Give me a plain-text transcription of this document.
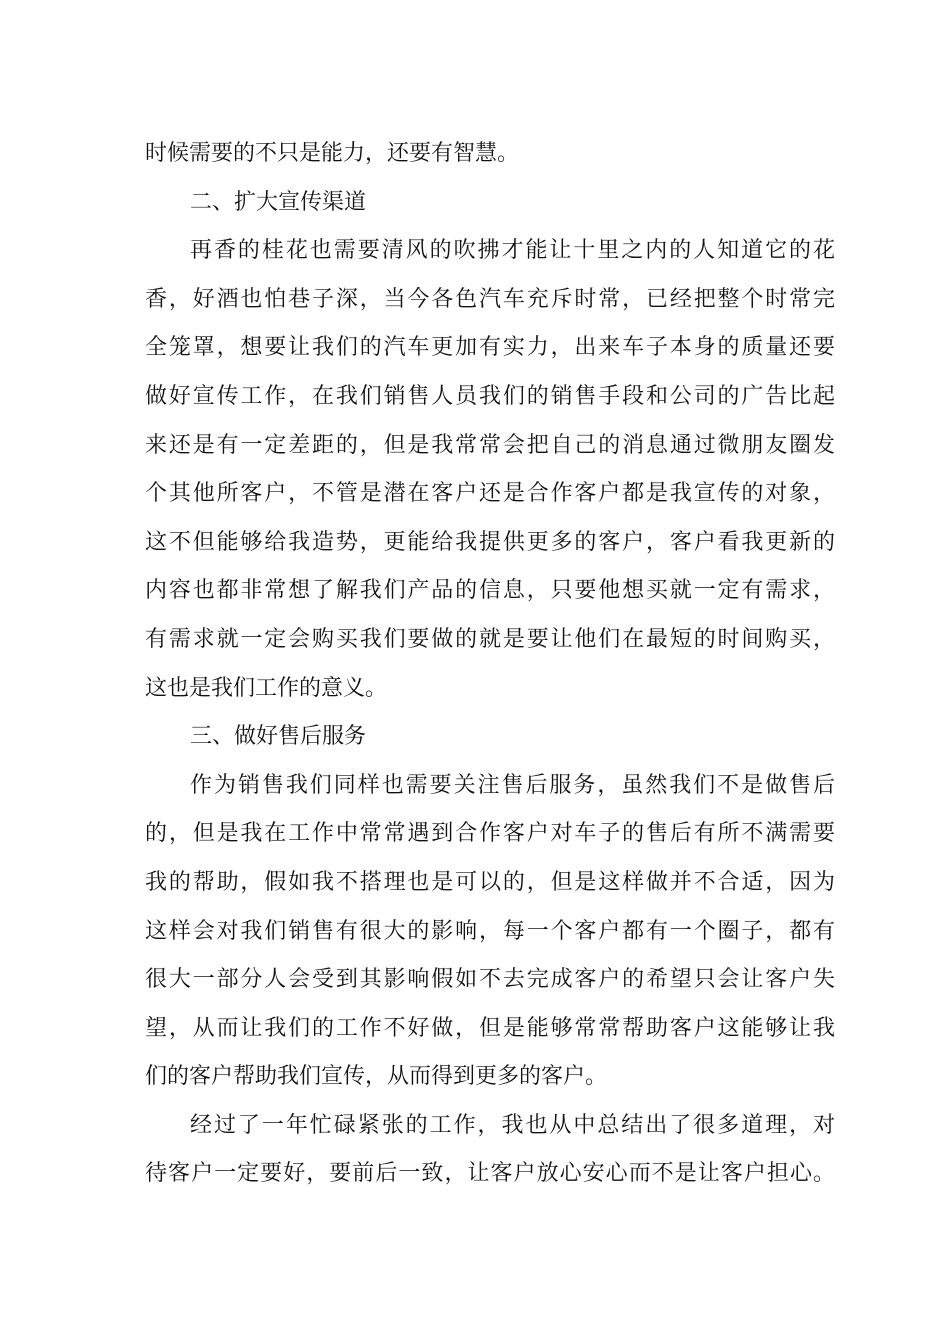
时候需要的不只是能力，还要有智慧。
二、扩大宣传渠道
再香的桂花也需要清风的吹拂才能让十里之内的人知道它的花
香，好酒也怕巷子深，当今各色汽车充斥时常，已经把整个时常完
全笼罩，想要让我们的汽车更加有实力，出来车子本身的质量还要
做好宣传工作，在我们销售人员我们的销售手段和公司的广告比起
来还是有一定差距的，但是我常常会把自己的消息通过微朋友圈发
个其他所客户，不管是潜在客户还是合作客户都是我宣传的对象，
这不但能够给我造势，更能给我提供更多的客户，客户看我更新的
内容也都非常想了解我们产品的信息，只要他想买就一定有需求，
有需求就一定会购买我们要做的就是要让他们在最短的时间购买，
这也是我们工作的意义。
三、做好售后服务
作为销售我们同样也需要关注售后服务，虽然我们不是做售后
的，但是我在工作中常常遇到合作客户对车子的售后有所不满需要
我的帮助，假如我不搭理也是可以的，但是这样做并不合适，因为
这样会对我们销售有很大的影响，每一个客户都有一个圈子，都有
很大一部分人会受到其影响假如不去完成客户的希望只会让客户失
望，从而让我们的工作不好做，但是能够常常帮助客户这能够让我
们的客户帮助我们宣传，从而得到更多的客户。
经过了一年忙碌紧张的工作，我也从中总结出了很多道理，对
待客户一定要好，要前后一致，让客户放心安心而不是让客户担心。
